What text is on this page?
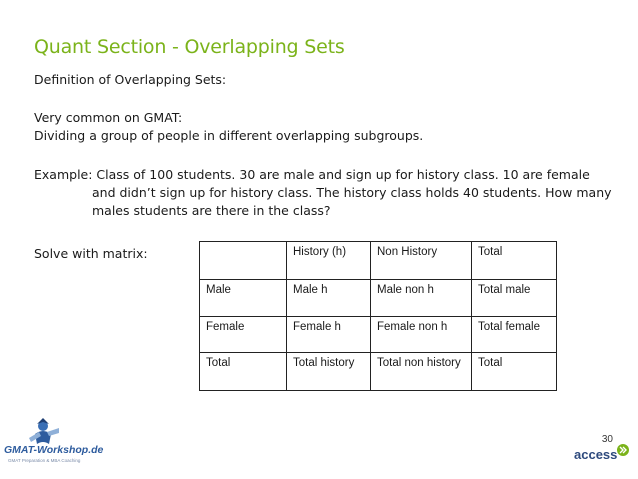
Quant Section - Overlapping Sets
Definition of Overlapping Sets:
Very common on GMAT:
Dividing a group of people in different overlapping subgroups.
Example: Class of 100 students. 30 are male and sign up for history class. 10 are female
and didn’t sign up for history class. The history class holds 40 students. How many
males students are there in the class?
Solve with matrix:
		History (h)	Non History	Total
Male	Male h	Male non h	Total male
Female	Female h	Female non h	Total female
Total	Total history	Total non history	Total
GMAT-Workshop.de
GMAT Preparation & MBA Coaching
30
access
